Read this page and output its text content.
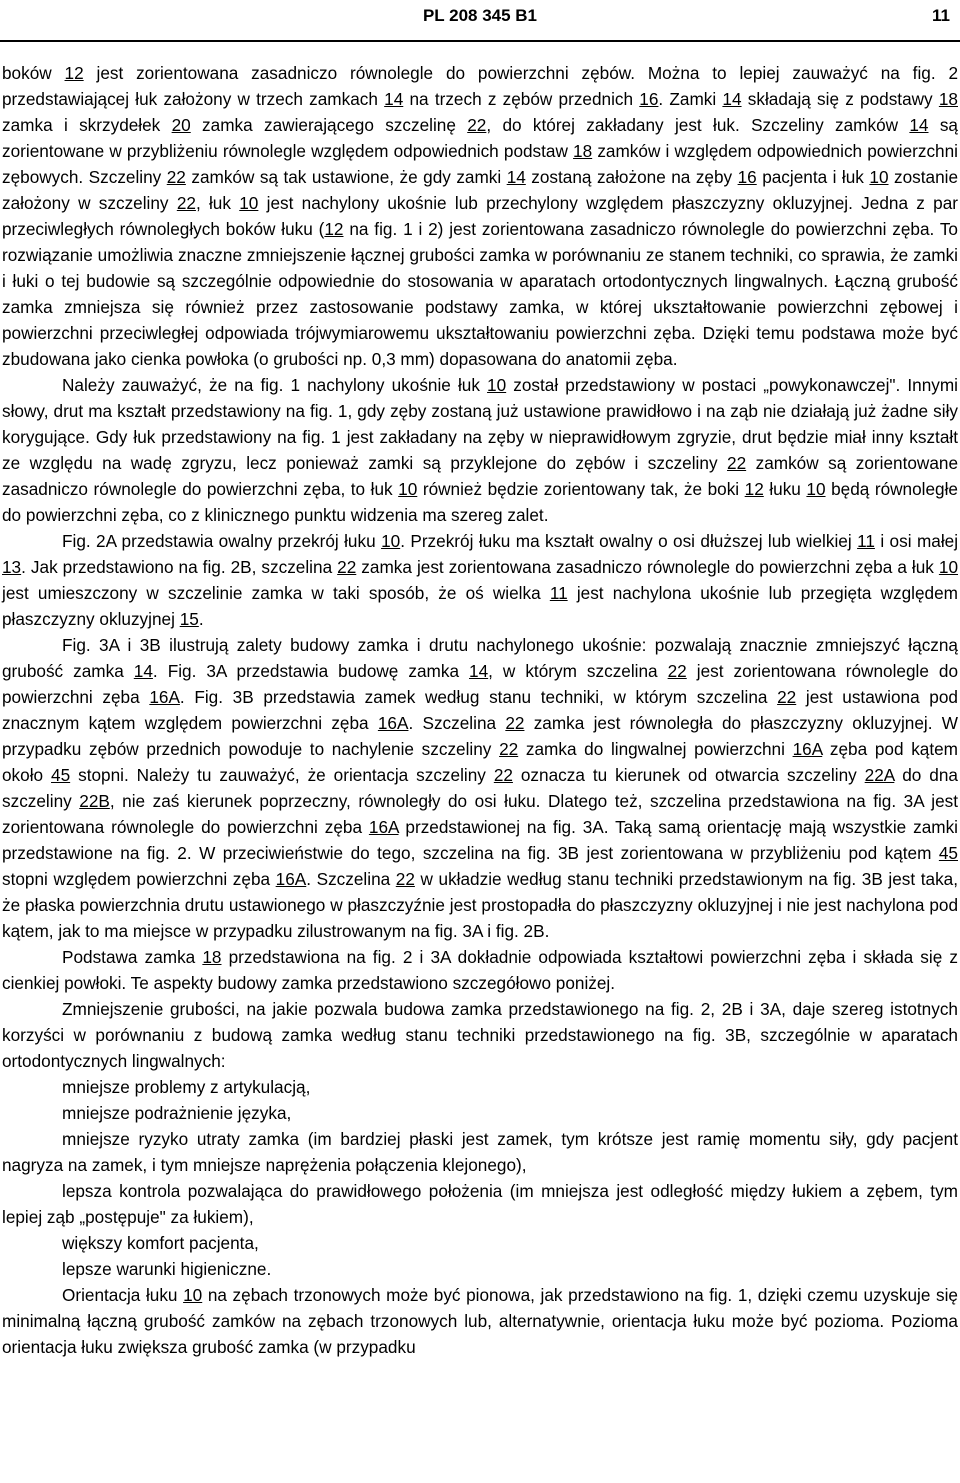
PL 208 345 B1	11

boków 12 jest zorientowana zasadniczo równolegle do powierzchni zębów. Można to lepiej zauważyć na fig. 2 przedstawiającej łuk założony w trzech zamkach 14 na trzech z zębów przednich 16. Zamki 14 składają się z podstawy 18 zamka i skrzydełek 20 zamka zawierającego szczelinę 22, do której zakładany jest łuk. Szczeliny zamków 14 są zorientowane w przybliżeniu równolegle względem odpowiednich podstaw 18 zamków i względem odpowiednich powierzchni zębowych. Szczeliny 22 zamków są tak ustawione, że gdy zamki 14 zostaną założone na zęby 16 pacjenta i łuk 10 zostanie założony w szczeliny 22, łuk 10 jest nachylony ukośnie lub przechylony względem płaszczyzny okluzyjnej. Jedna z par przeciwległych równoległych boków łuku (12 na fig. 1 i 2) jest zorientowana zasadniczo równolegle do powierzchni zęba. To rozwiązanie umożliwia znaczne zmniejszenie łącznej grubości zamka w porównaniu ze stanem techniki, co sprawia, że zamki i łuki o tej budowie są szczególnie odpowiednie do stosowania w aparatach ortodontycznych lingwalnych. Łączną grubość zamka zmniejsza się również przez zastosowanie podstawy zamka, w której ukształtowanie powierzchni zębowej i powierzchni przeciwległej odpowiada trójwymiarowemu ukształtowaniu powierzchni zęba. Dzięki temu podstawa może być zbudowana jako cienka powłoka (o grubości np. 0,3 mm) dopasowana do anatomii zęba.

Należy zauważyć, że na fig. 1 nachylony ukośnie łuk 10 został przedstawiony w postaci „powykonawczej". Innymi słowy, drut ma kształt przedstawiony na fig. 1, gdy zęby zostaną już ustawione prawidłowo i na ząb nie działają już żadne siły korygujące. Gdy łuk przedstawiony na fig. 1 jest zakładany na zęby w nieprawidłowym zgryzie, drut będzie miał inny kształt ze względu na wadę zgryzu, lecz ponieważ zamki są przyklejone do zębów i szczeliny 22 zamków są zorientowane zasadniczo równolegle do powierzchni zęba, to łuk 10 również będzie zorientowany tak, że boki 12 łuku 10 będą równoległe do powierzchni zęba, co z klinicznego punktu widzenia ma szereg zalet.

Fig. 2A przedstawia owalny przekrój łuku 10. Przekrój łuku ma kształt owalny o osi dłuższej lub wielkiej 11 i osi małej 13. Jak przedstawiono na fig. 2B, szczelina 22 zamka jest zorientowana zasadniczo równolegle do powierzchni zęba a łuk 10 jest umieszczony w szczelinie zamka w taki sposób, że oś wielka 11 jest nachylona ukośnie lub przegięta względem płaszczyzny okluzyjnej 15.

Fig. 3A i 3B ilustrują zalety budowy zamka i drutu nachylonego ukośnie: pozwalają znacznie zmniejszyć łączną grubość zamka 14. Fig. 3A przedstawia budowę zamka 14, w którym szczelina 22 jest zorientowana równolegle do powierzchni zęba 16A. Fig. 3B przedstawia zamek według stanu techniki, w którym szczelina 22 jest ustawiona pod znacznym kątem względem powierzchni zęba 16A. Szczelina 22 zamka jest równoległa do płaszczyzny okluzyjnej. W przypadku zębów przednich powoduje to nachylenie szczeliny 22 zamka do lingwalnej powierzchni 16A zęba pod kątem około 45 stopni. Należy tu zauważyć, że orientacja szczeliny 22 oznacza tu kierunek od otwarcia szczeliny 22A do dna szczeliny 22B, nie zaś kierunek poprzeczny, równoległy do osi łuku. Dlatego też, szczelina przedstawiona na fig. 3A jest zorientowana równolegle do powierzchni zęba 16A przedstawionej na fig. 3A. Taką samą orientację mają wszystkie zamki przedstawione na fig. 2. W przeciwieństwie do tego, szczelina na fig. 3B jest zorientowana w przybliżeniu pod kątem 45 stopni względem powierzchni zęba 16A. Szczelina 22 w układzie według stanu techniki przedstawionym na fig. 3B jest taka, że płaska powierzchnia drutu ustawionego w płaszczyźnie jest prostopadła do płaszczyzny okluzyjnej i nie jest nachylona pod kątem, jak to ma miejsce w przypadku zilustrowanym na fig. 3A i fig. 2B.

Podstawa zamka 18 przedstawiona na fig. 2 i 3A dokładnie odpowiada kształtowi powierzchni zęba i składa się z cienkiej powłoki. Te aspekty budowy zamka przedstawiono szczegółowo poniżej.

Zmniejszenie grubości, na jakie pozwala budowa zamka przedstawionego na fig. 2, 2B i 3A, daje szereg istotnych korzyści w porównaniu z budową zamka według stanu techniki przedstawionego na fig. 3B, szczególnie w aparatach ortodontycznych lingwalnych:

mniejsze problemy z artykulacją,

mniejsze podrażnienie języka,

mniejsze ryzyko utraty zamka (im bardziej płaski jest zamek, tym krótsze jest ramię momentu siły, gdy pacjent nagryza na zamek, i tym mniejsze naprężenia połączenia klejonego),

lepsza kontrola pozwalająca do prawidłowego położenia (im mniejsza jest odległość między łukiem a zębem, tym lepiej ząb „postępuje" za łukiem),

większy komfort pacjenta,

lepsze warunki higieniczne.

Orientacja łuku 10 na zębach trzonowych może być pionowa, jak przedstawiono na fig. 1, dzięki czemu uzyskuje się minimalną łączną grubość zamków na zębach trzonowych lub, alternatywnie, orientacja łuku może być pozioma. Pozioma orientacja łuku zwiększa grubość zamka (w przypadku
